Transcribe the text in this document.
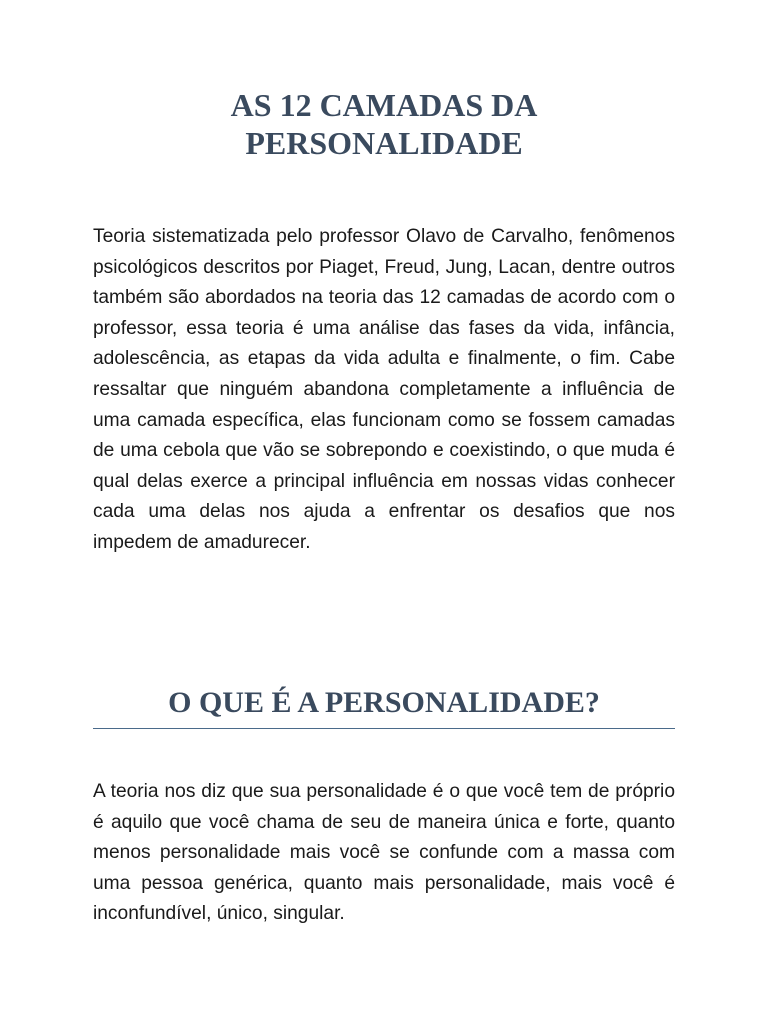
AS 12 CAMADAS DA
PERSONALIDADE

Teoria sistematizada pelo professor Olavo de Carvalho, fenômenos psicológicos descritos por Piaget, Freud, Jung, Lacan, dentre outros também são abordados na teoria das 12 camadas de acordo com o professor, essa teoria é uma análise das fases da vida, infância, adolescência, as etapas da vida adulta e finalmente, o fim. Cabe ressaltar que ninguém abandona completamente a influência de uma camada específica, elas funcionam como se fossem camadas de uma cebola que vão se sobrepondo e coexistindo, o que muda é qual delas exerce a principal influência em nossas vidas conhecer cada uma delas nos ajuda a enfrentar os desafios que nos impedem de amadurecer.

O QUE É A PERSONALIDADE?

A teoria nos diz que sua personalidade é o que você tem de próprio é aquilo que você chama de seu de maneira única e forte, quanto menos personalidade mais você se confunde com a massa com uma pessoa genérica, quanto mais personalidade, mais você é inconfundível, único, singular.
